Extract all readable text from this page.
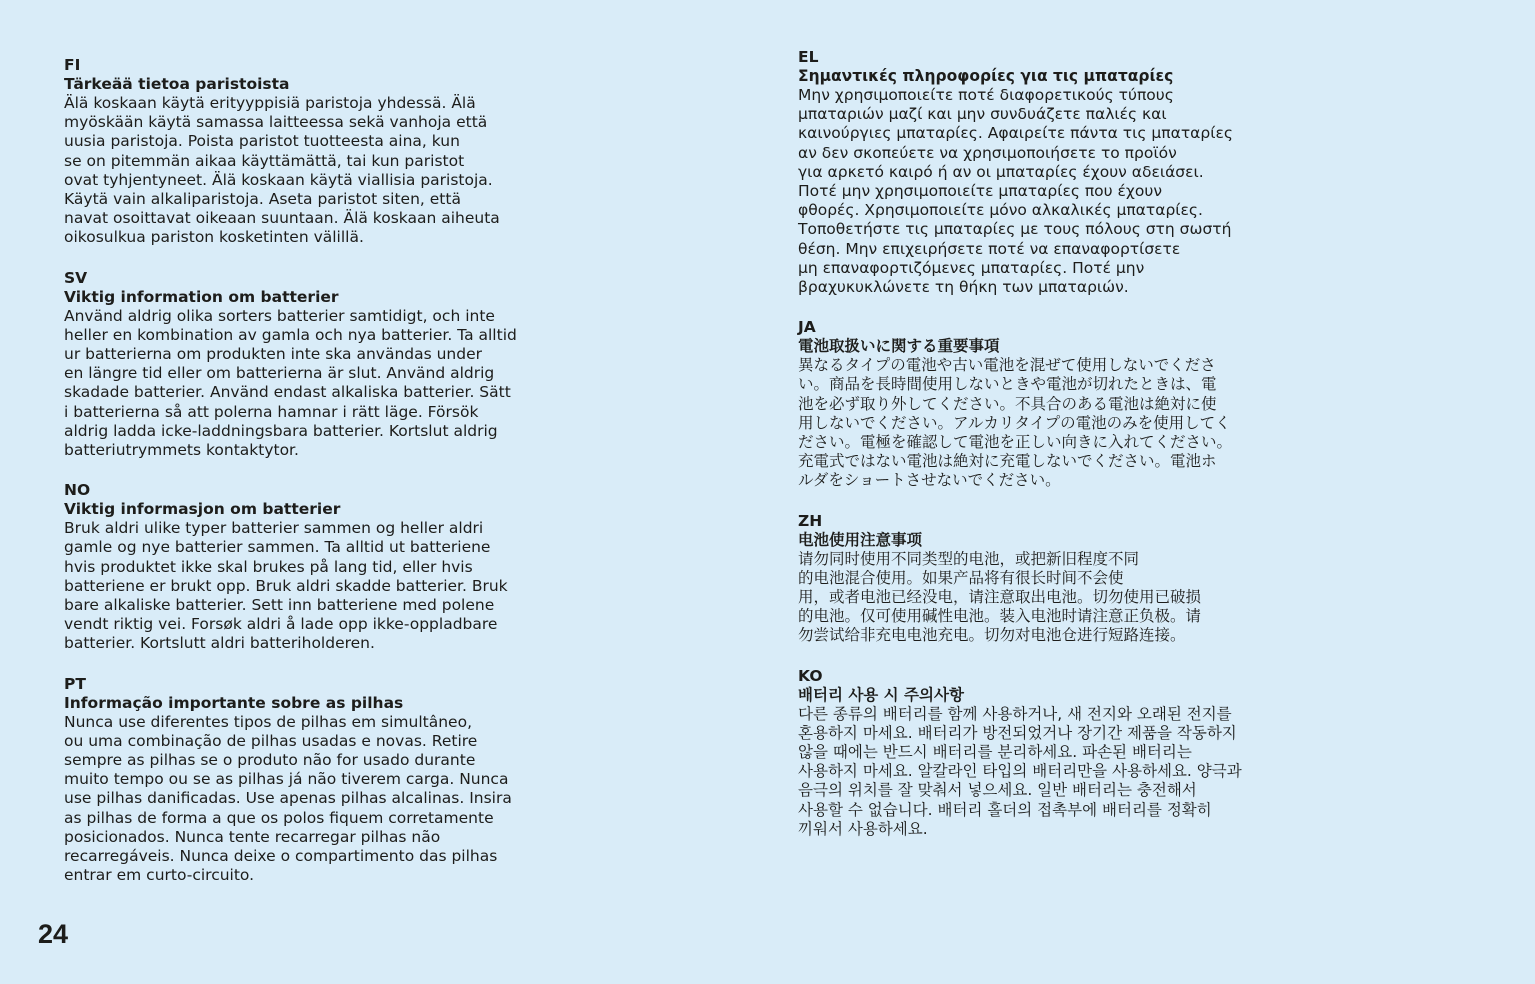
FI

Tärkeää tietoa paristoista

Älä koskaan käytä erityyppisiä paristoja yhdessä. Älä
myöskään käytä samassa laitteessa sekä vanhoja että
uusia paristoja. Poista paristot tuotteesta aina, kun
se on pitemmän aikaa käyttämättä, tai kun paristot
ovat tyhjentyneet. Älä koskaan käytä viallisia paristoja.
Käytä vain alkaliparistoja. Aseta paristot siten, että
navat osoittavat oikeaan suuntaan. Älä koskaan aiheuta
oikosulkua pariston kosketinten välillä.

SV

Viktig information om batterier

Använd aldrig olika sorters batterier samtidigt, och inte
heller en kombination av gamla och nya batterier. Ta alltid
ur batterierna om produkten inte ska användas under
en längre tid eller om batterierna är slut. Använd aldrig
skadade batterier. Använd endast alkaliska batterier. Sätt
i batterierna så att polerna hamnar i rätt läge. Försök
aldrig ladda icke-laddningsbara batterier. Kortslut aldrig
batteriutrymmets kontaktytor.

NO

Viktig informasjon om batterier

Bruk aldri ulike typer batterier sammen og heller aldri
gamle og nye batterier sammen. Ta alltid ut batteriene
hvis produktet ikke skal brukes på lang tid, eller hvis
batteriene er brukt opp. Bruk aldri skadde batterier. Bruk
bare alkaliske batterier. Sett inn batteriene med polene
vendt riktig vei. Forsøk aldri å lade opp ikke-oppladbare
batterier. Kortslutt aldri batteriholderen.

PT

Informação importante sobre as pilhas

Nunca use diferentes tipos de pilhas em simultâneo,
ou uma combinação de pilhas usadas e novas. Retire
sempre as pilhas se o produto não for usado durante
muito tempo ou se as pilhas já não tiverem carga. Nunca
use pilhas danificadas. Use apenas pilhas alcalinas. Insira
as pilhas de forma a que os polos fiquem corretamente
posicionados. Nunca tente recarregar pilhas não
recarregáveis. Nunca deixe o compartimento das pilhas
entrar em curto-circuito.

EL

Σημαντικές πληροφορίες για τις μπαταρίες

Μην χρησιμοποιείτε ποτέ διαφορετικούς τύπους
μπαταριών μαζί και μην συνδυάζετε παλιές και
καινούργιες μπαταρίες. Αφαιρείτε πάντα τις μπαταρίες
αν δεν σκοπεύετε να χρησιμοποιήσετε το προϊόν
για αρκετό καιρό ή αν οι μπαταρίες έχουν αδειάσει.
Ποτέ μην χρησιμοποιείτε μπαταρίες που έχουν
φθορές. Χρησιμοποιείτε μόνο αλκαλικές μπαταρίες.
Τοποθετήστε τις μπαταρίες με τους πόλους στη σωστή
θέση. Μην επιχειρήσετε ποτέ να επαναφορτίσετε
μη επαναφορτιζόμενες μπαταρίες. Ποτέ μην
βραχυκυκλώνετε τη θήκη των μπαταριών.

JA

電池取扱いに関する重要事項

異なるタイプの電池や古い電池を混ぜて使用しないでくださ
い。商品を長時間使用しないときや電池が切れたときは、電
池を必ず取り外してください。不具合のある電池は絶対に使
用しないでください。アルカリタイプの電池のみを使用してく
ださい。電極を確認して電池を正しい向きに入れてください。
充電式ではない電池は絶対に充電しないでください。電池ホ
ルダをショートさせないでください。

ZH

电池使用注意事项

请勿同时使用不同类型的电池，或把新旧程度不同
的电池混合使用。如果产品将有很长时间不会使
用，或者电池已经没电，请注意取出电池。切勿使用已破损
的电池。仅可使用碱性电池。装入电池时请注意正负极。请
勿尝试给非充电电池充电。切勿对电池仓进行短路连接。

KO

배터리 사용 시 주의사항

다른 종류의 배터리를 함께 사용하거나, 새 전지와 오래된 전지를
혼용하지 마세요. 배터리가 방전되었거나 장기간 제품을 작동하지
않을 때에는 반드시 배터리를 분리하세요. 파손된 배터리는
사용하지 마세요. 알칼라인 타입의 배터리만을 사용하세요. 양극과
음극의 위치를 잘 맞춰서 넣으세요. 일반 배터리는 충전해서
사용할 수 없습니다. 배터리 홀더의 접촉부에 배터리를 정확히
끼워서 사용하세요.

24
